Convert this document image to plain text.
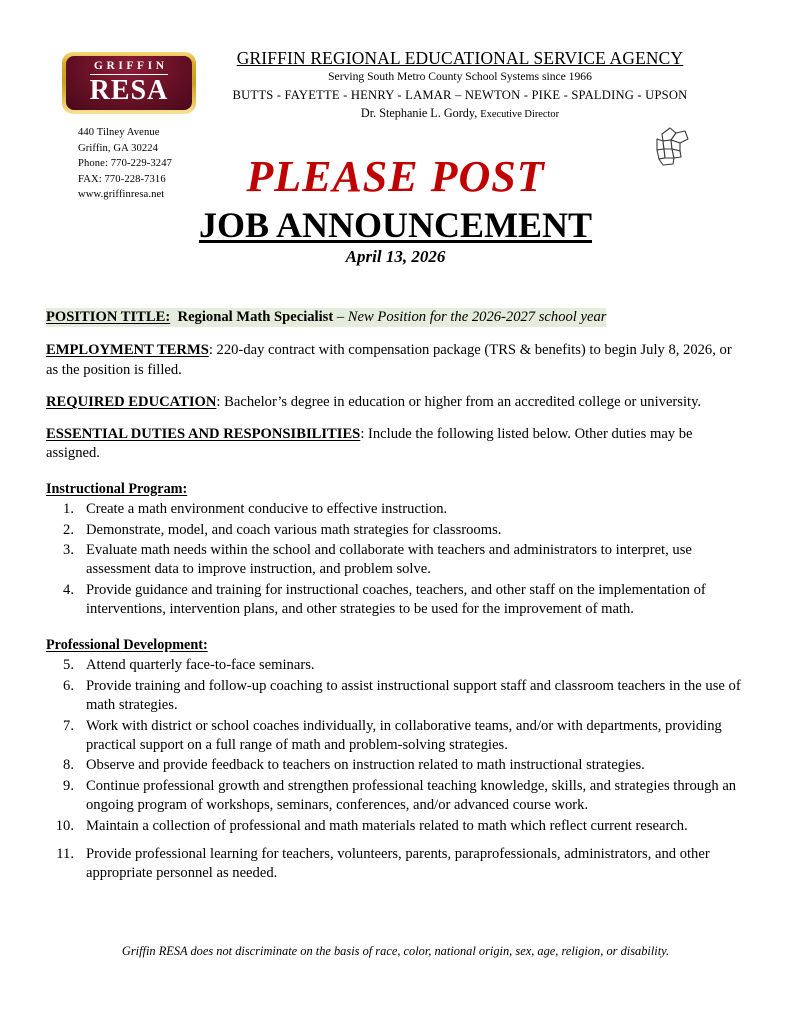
GRIFFIN
RESA
GRIFFIN REGIONAL EDUCATIONAL SERVICE AGENCY
Serving South Metro County School Systems since 1966
BUTTS - FAYETTE - HENRY - LAMAR – NEWTON - PIKE - SPALDING - UPSON
Dr. Stephanie L. Gordy, Executive Director
440 Tilney Avenue
Griffin, GA 30224
Phone: 770-229-3247
FAX: 770-228-7316
www.griffinresa.net	PLEASE POST
JOB ANNOUNCEMENT
April 13, 2026
POSITION TITLE: Regional Math Specialist – New Position for the 2026-2027 school year
EMPLOYMENT TERMS: 220-day contract with compensation package (TRS & benefits) to begin July 8, 2026, or as the position is filled.
REQUIRED EDUCATION: Bachelor’s degree in education or higher from an accredited college or university.
ESSENTIAL DUTIES AND RESPONSIBILITIES: Include the following listed below. Other duties may be assigned.
Instructional Program:
1. Create a math environment conducive to effective instruction.
2. Demonstrate, model, and coach various math strategies for classrooms.
3. Evaluate math needs within the school and collaborate with teachers and administrators to interpret, use assessment data to improve instruction, and problem solve.
4. Provide guidance and training for instructional coaches, teachers, and other staff on the implementation of interventions, intervention plans, and other strategies to be used for the improvement of math.
Professional Development:
5. Attend quarterly face-to-face seminars.
6. Provide training and follow-up coaching to assist instructional support staff and classroom teachers in the use of math strategies.
7. Work with district or school coaches individually, in collaborative teams, and/or with departments, providing practical support on a full range of math and problem-solving strategies.
8. Observe and provide feedback to teachers on instruction related to math instructional strategies.
9. Continue professional growth and strengthen professional teaching knowledge, skills, and strategies through an ongoing program of workshops, seminars, conferences, and/or advanced course work.
10. Maintain a collection of professional and math materials related to math which reflect current research.
11. Provide professional learning for teachers, volunteers, parents, paraprofessionals, administrators, and other appropriate personnel as needed.
Griffin RESA does not discriminate on the basis of race, color, national origin, sex, age, religion, or disability.
